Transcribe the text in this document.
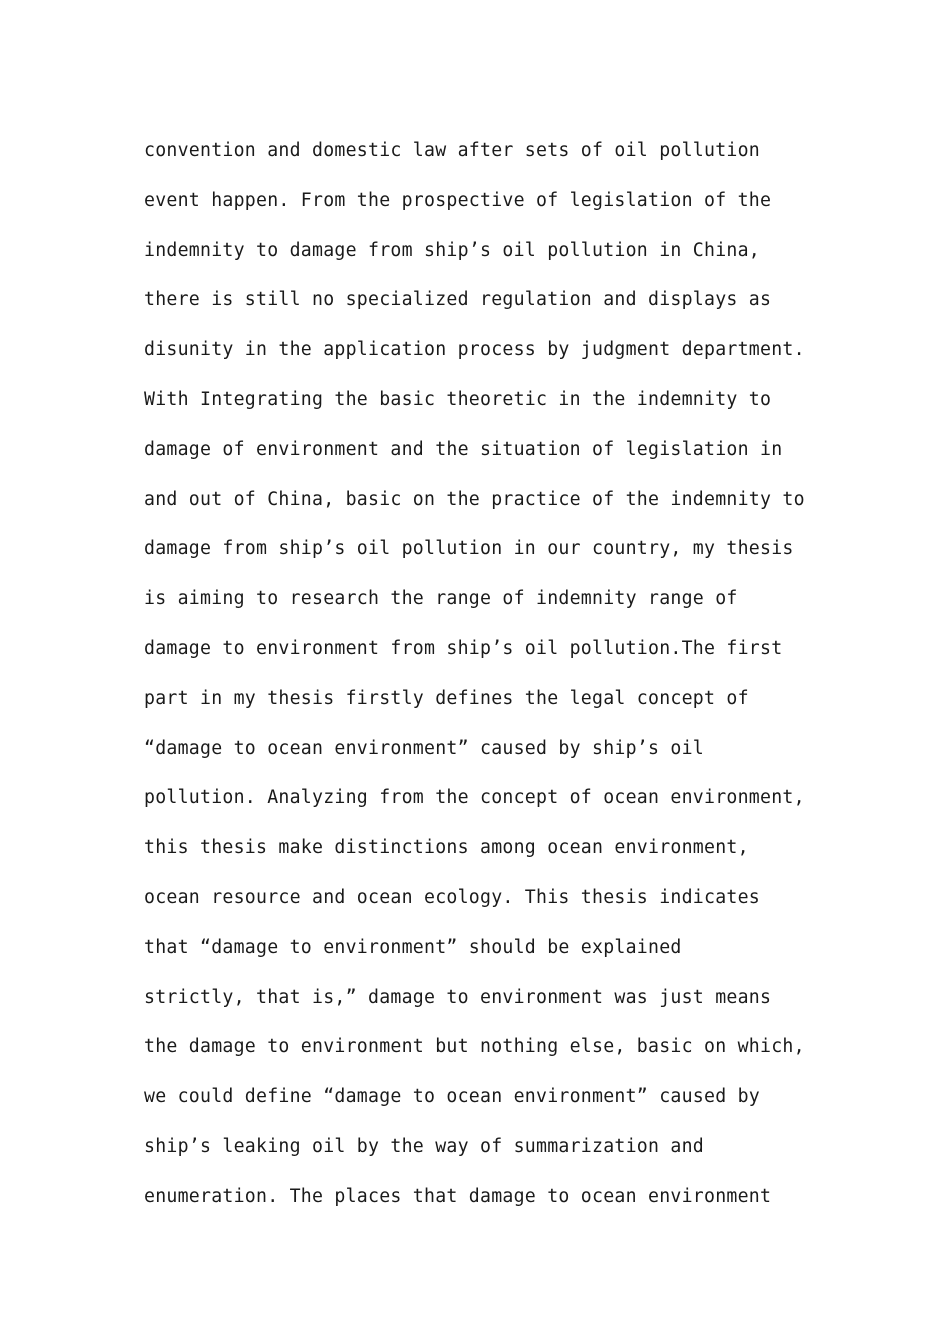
convention and domestic law after sets of oil pollution
event happen. From the prospective of legislation of the
indemnity to damage from ship’s oil pollution in China,
there is still no specialized regulation and displays as
disunity in the application process by judgment department.
With Integrating the basic theoretic in the indemnity to
damage of environment and the situation of legislation in
and out of China, basic on the practice of the indemnity to
damage from ship’s oil pollution in our country, my thesis
is aiming to research the range of indemnity range of
damage to environment from ship’s oil pollution.The first
part in my thesis firstly defines the legal concept of
“damage to ocean environment” caused by ship’s oil
pollution. Analyzing from the concept of ocean environment,
this thesis make distinctions among ocean environment,
ocean resource and ocean ecology. This thesis indicates
that “damage to environment” should be explained
strictly, that is,” damage to environment was just means
the damage to environment but nothing else, basic on which,
we could define “damage to ocean environment” caused by
ship’s leaking oil by the way of summarization and
enumeration. The places that damage to ocean environment
